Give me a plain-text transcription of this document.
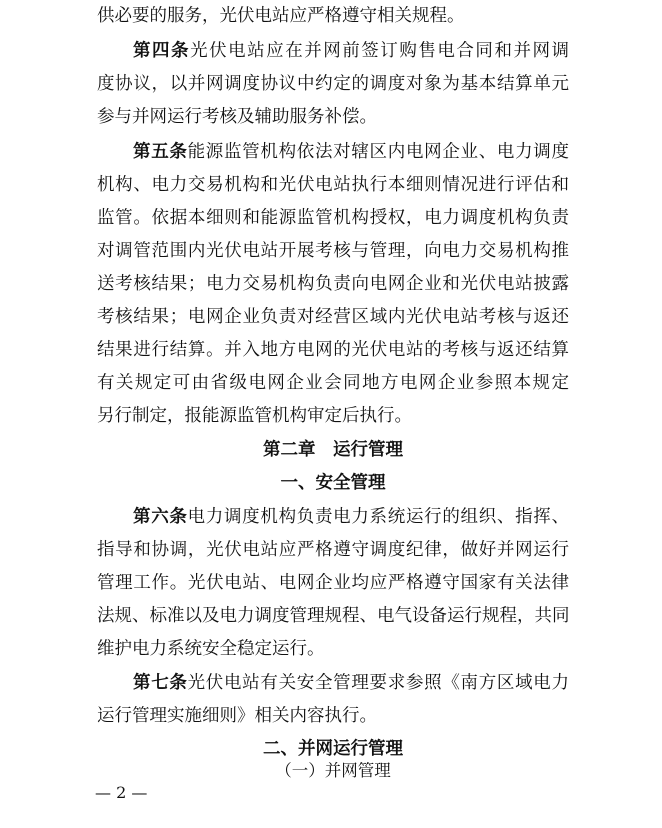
供必要的服务，光伏电站应严格遵守相关规程。
第四条光伏电站应在并网前签订购售电合同和并网调
度协议，以并网调度协议中约定的调度对象为基本结算单元
参与并网运行考核及辅助服务补偿。
第五条能源监管机构依法对辖区内电网企业、电力调度
机构、电力交易机构和光伏电站执行本细则情况进行评估和
监管。依据本细则和能源监管机构授权，电力调度机构负责
对调管范围内光伏电站开展考核与管理，向电力交易机构推
送考核结果；电力交易机构负责向电网企业和光伏电站披露
考核结果；电网企业负责对经营区域内光伏电站考核与返还
结果进行结算。并入地方电网的光伏电站的考核与返还结算
有关规定可由省级电网企业会同地方电网企业参照本规定
另行制定，报能源监管机构审定后执行。
第二章　运行管理
一、安全管理
第六条电力调度机构负责电力系统运行的组织、指挥、
指导和协调，光伏电站应严格遵守调度纪律，做好并网运行
管理工作。光伏电站、电网企业均应严格遵守国家有关法律
法规、标准以及电力调度管理规程、电气设备运行规程，共同
维护电力系统安全稳定运行。
第七条光伏电站有关安全管理要求参照《南方区域电力
运行管理实施细则》相关内容执行。
二、并网运行管理
（一）并网管理
— 2 —
